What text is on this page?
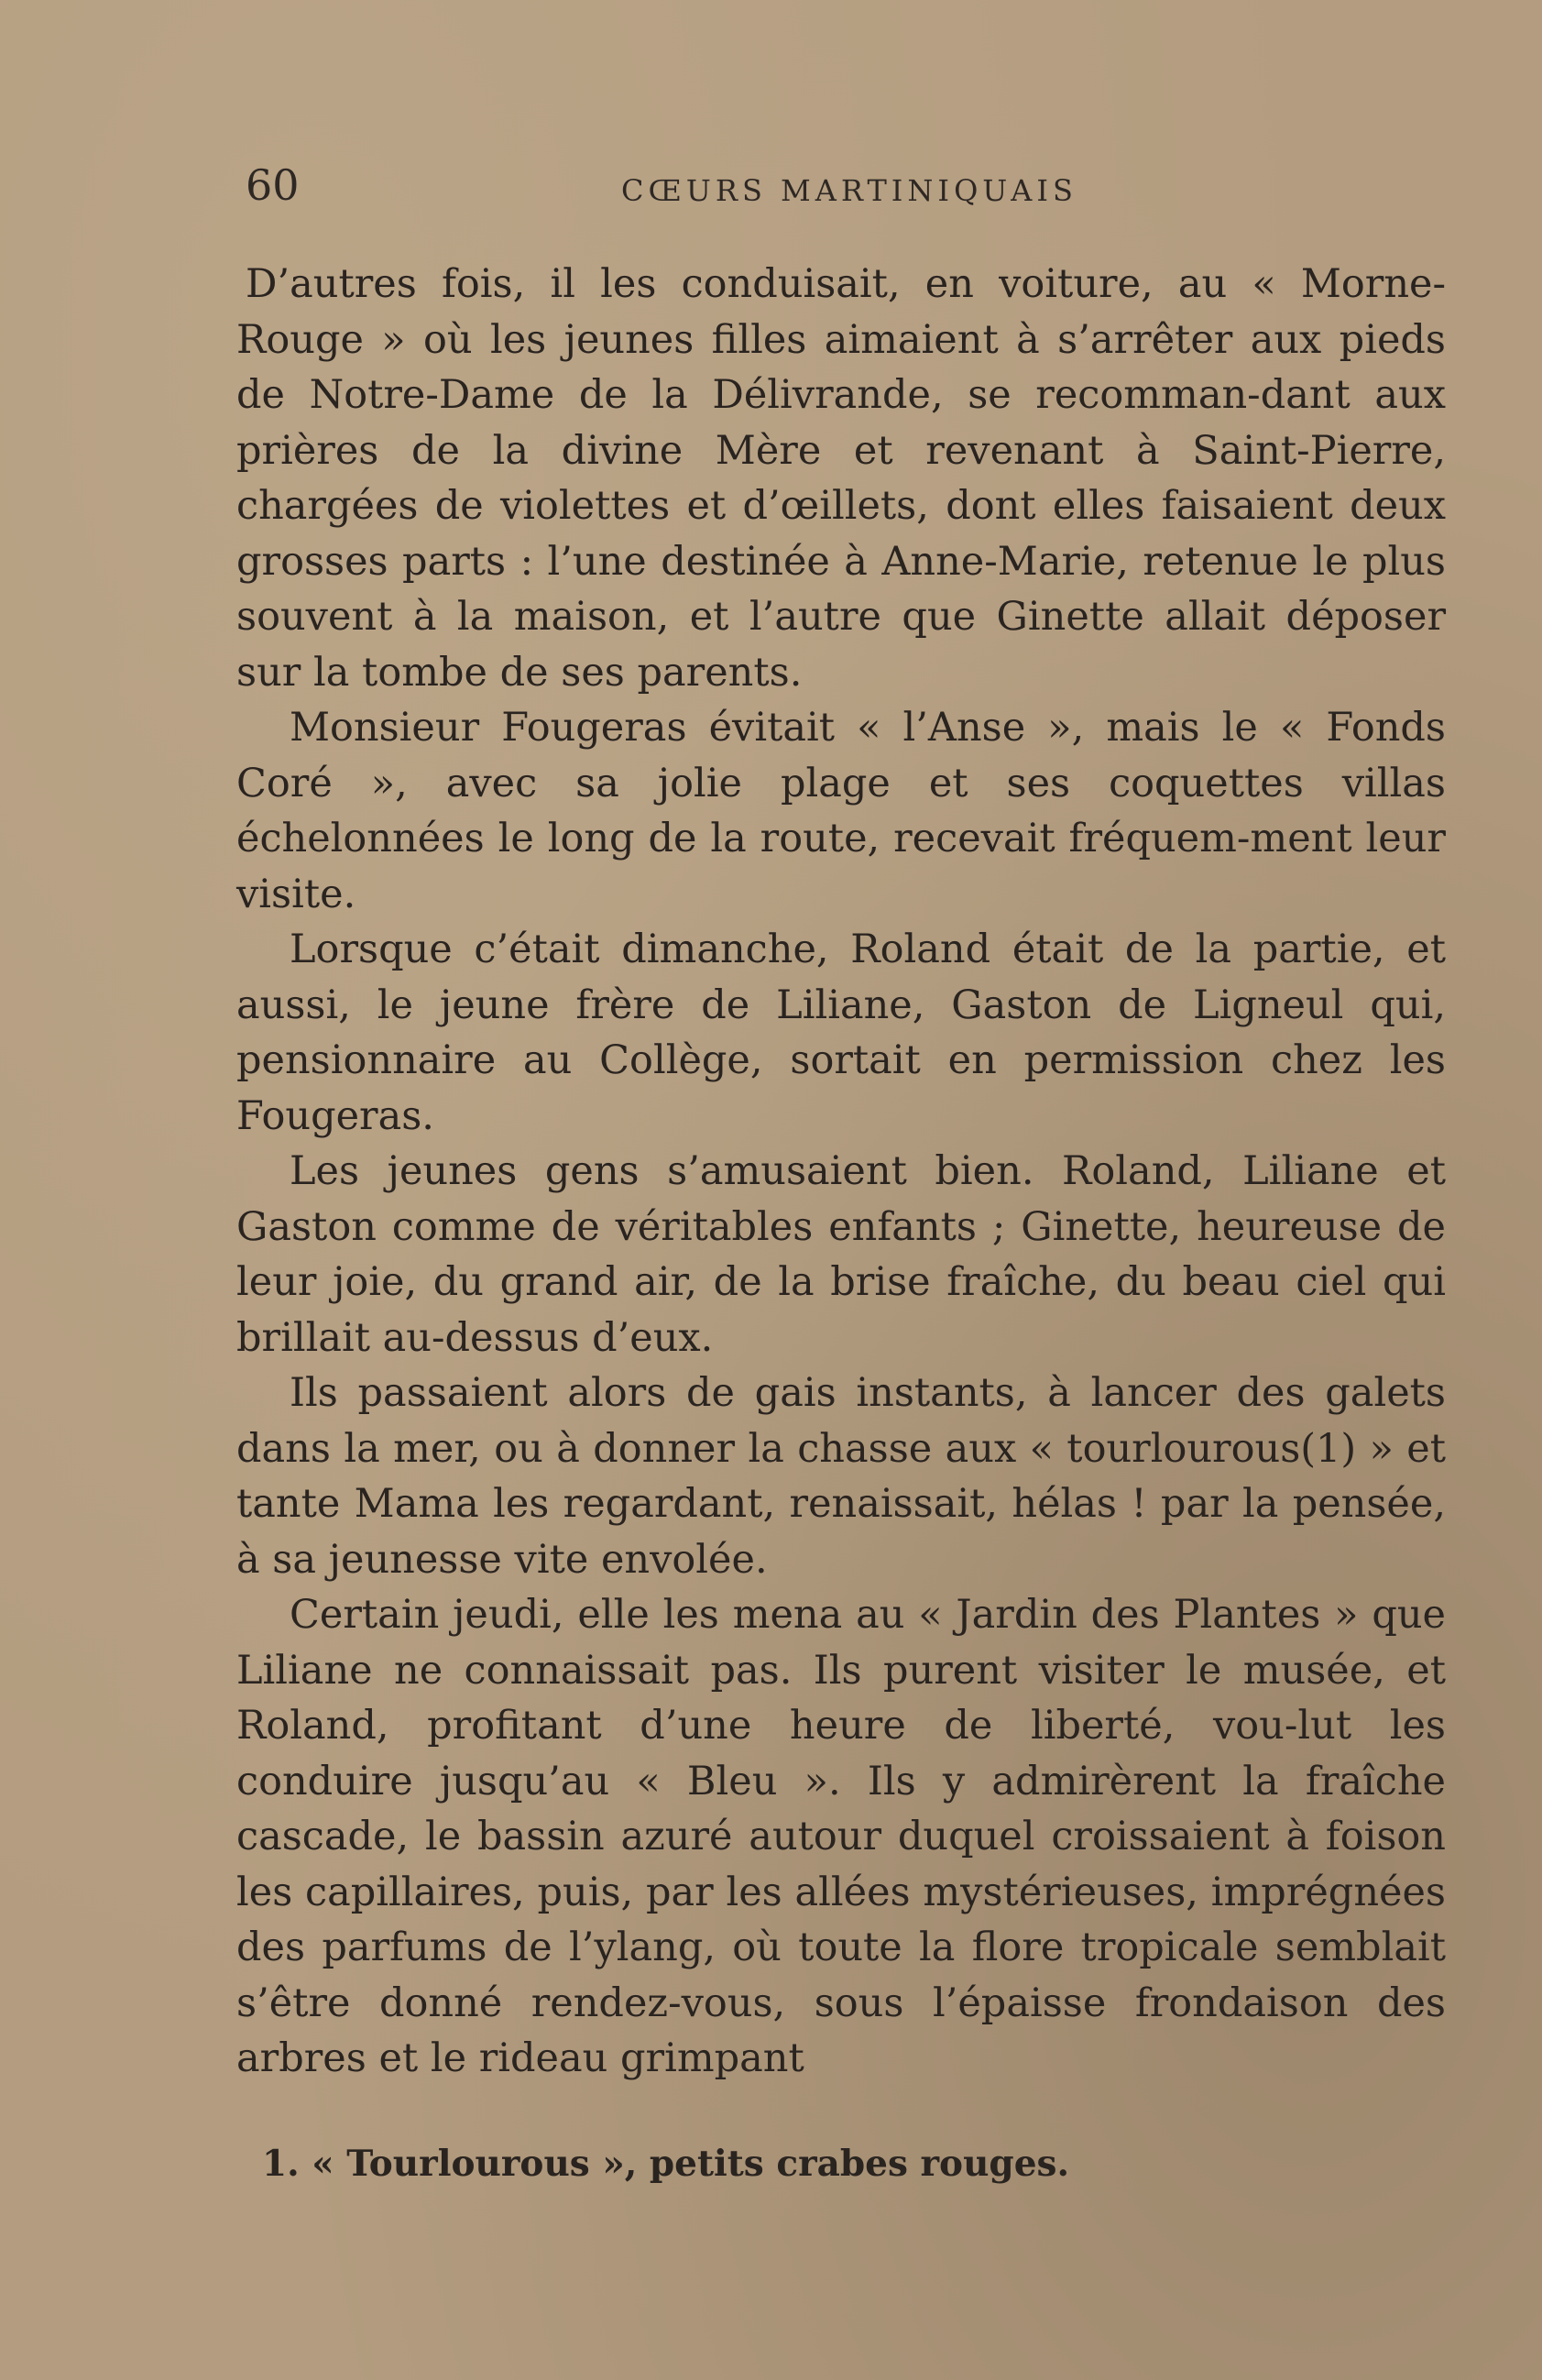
60	CŒURS MARTINIQUAIS

D’autres fois, il les conduisait, en voiture, au « Morne-Rouge » où les jeunes filles aimaient à s’arrêter aux pieds de Notre-Dame de la Délivrande, se recomman-dant aux prières de la divine Mère et revenant à Saint-Pierre, chargées de violettes et d’œillets, dont elles faisaient deux grosses parts : l’une destinée à Anne-Marie, retenue le plus souvent à la maison, et l’autre que Ginette allait déposer sur la tombe de ses parents.

Monsieur Fougeras évitait « l’Anse », mais le « Fonds Coré », avec sa jolie plage et ses coquettes villas échelonnées le long de la route, recevait fréquem-ment leur visite.

Lorsque c’était dimanche, Roland était de la partie, et aussi, le jeune frère de Liliane, Gaston de Ligneul qui, pensionnaire au Collège, sortait en permission chez les Fougeras.

Les jeunes gens s’amusaient bien. Roland, Liliane et Gaston comme de véritables enfants ; Ginette, heureuse de leur joie, du grand air, de la brise fraîche, du beau ciel qui brillait au-dessus d’eux.

Ils passaient alors de gais instants, à lancer des galets dans la mer, ou à donner la chasse aux « tourlourous(1) » et tante Mama les regardant, renaissait, hélas ! par la pensée, à sa jeunesse vite envolée.

Certain jeudi, elle les mena au « Jardin des Plantes » que Liliane ne connaissait pas. Ils purent visiter le musée, et Roland, profitant d’une heure de liberté, vou-lut les conduire jusqu’au « Bleu ». Ils y admirèrent la fraîche cascade, le bassin azuré autour duquel croissaient à foison les capillaires, puis, par les allées mystérieuses, imprégnées des parfums de l’ylang, où toute la flore tropicale semblait s’être donné rendez-vous, sous l’épaisse frondaison des arbres et le rideau grimpant

1. « Tourlourous », petits crabes rouges.
